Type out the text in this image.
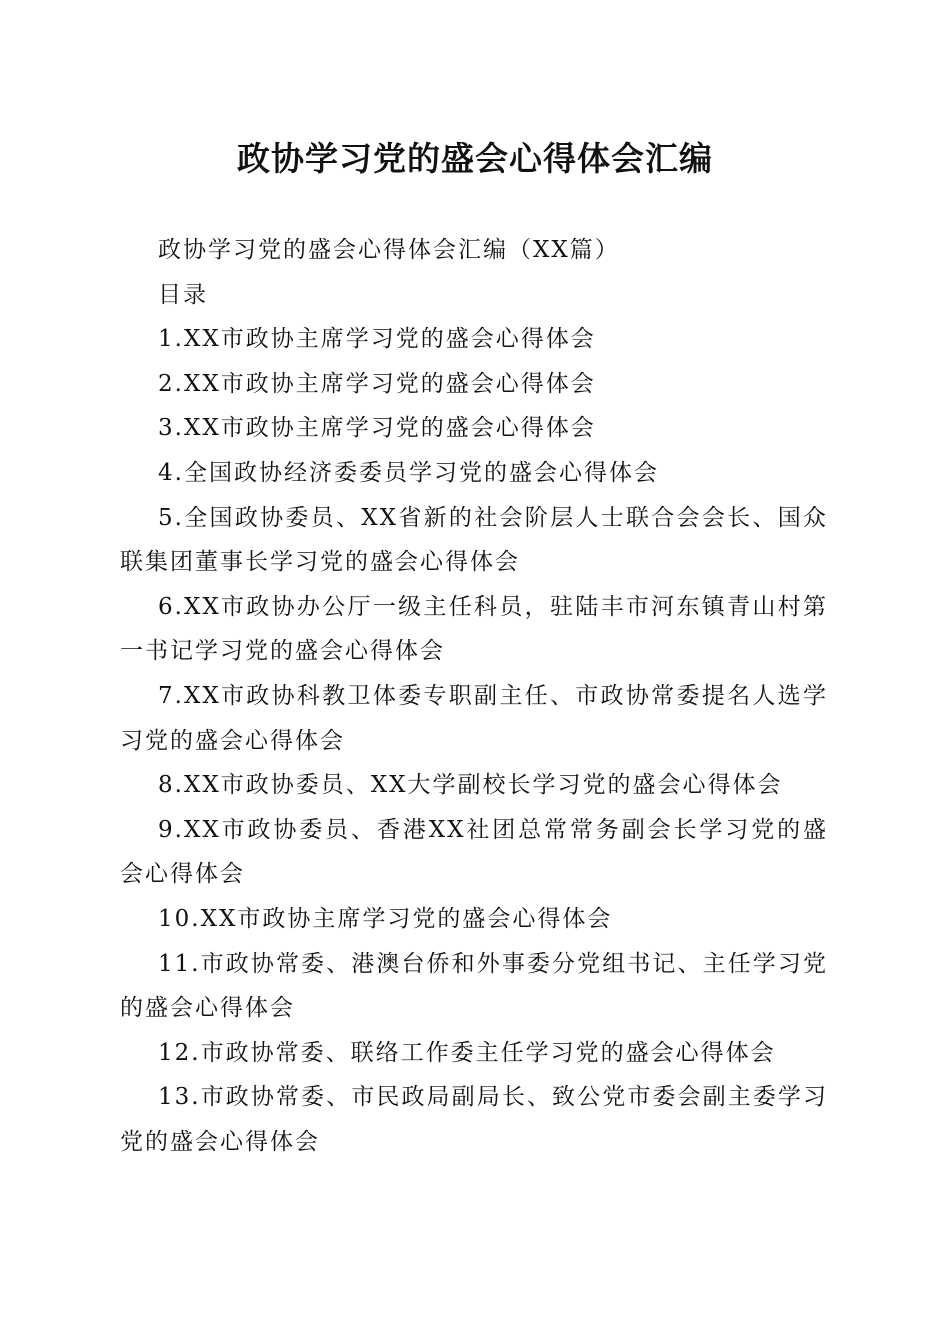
政协学习党的盛会心得体会汇编

政协学习党的盛会心得体会汇编（XX篇）

目录

1.XX市政协主席学习党的盛会心得体会

2.XX市政协主席学习党的盛会心得体会

3.XX市政协主席学习党的盛会心得体会

4.全国政协经济委委员学习党的盛会心得体会

5.全国政协委员、XX省新的社会阶层人士联合会会长、国众联集团董事长学习党的盛会心得体会

6.XX市政协办公厅一级主任科员，驻陆丰市河东镇青山村第一书记学习党的盛会心得体会

7.XX市政协科教卫体委专职副主任、市政协常委提名人选学习党的盛会心得体会

8.XX市政协委员、XX大学副校长学习党的盛会心得体会

9.XX市政协委员、香港XX社团总常常务副会长学习党的盛会心得体会

10.XX市政协主席学习党的盛会心得体会

11.市政协常委、港澳台侨和外事委分党组书记、主任学习党的盛会心得体会

12.市政协常委、联络工作委主任学习党的盛会心得体会

13.市政协常委、市民政局副局长、致公党市委会副主委学习党的盛会心得体会
